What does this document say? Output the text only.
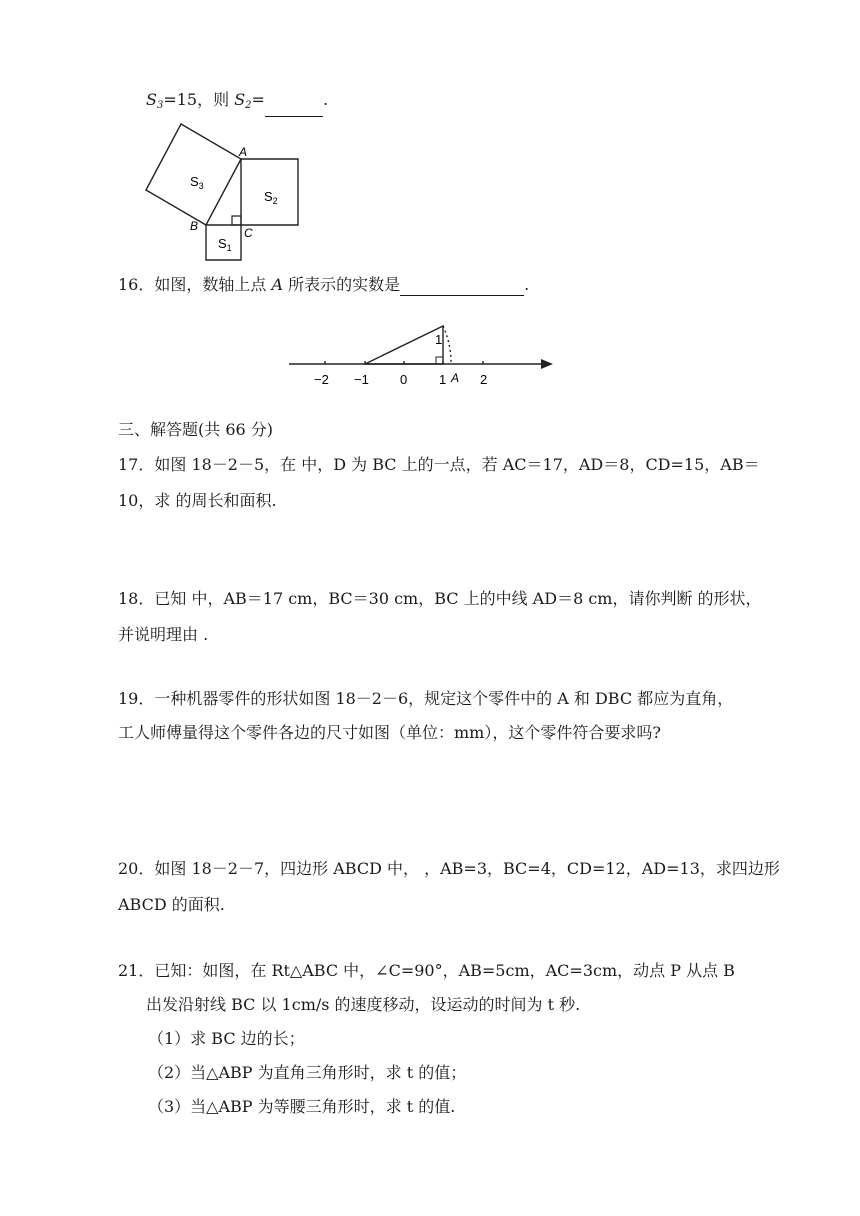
$S_3=15$，则 $S_2=$	.
A
B	C
$S_3$
$S_2$
$S_1$
16．如图，数轴上点 A 所表示的实数是	.
1
−2 −1 0 1 A 2
三、解答题(共 66 分)
17．如图 18－2－5，在 中，D 为 BC 上的一点，若 AC＝17，AD＝8，CD=15，AB＝
10，求 的周长和面积.
18．已知 中，AB＝17 cm，BC＝30 cm，BC 上的中线 AD＝8 cm，请你判断 的形状，
并说明理由 .
19．一种机器零件的形状如图 18－2－6，规定这个零件中的 A 和 DBC 都应为直角，
工人师傅量得这个零件各边的尺寸如图（单位：mm），这个零件符合要求吗?
20．如图 18－2－7，四边形 ABCD 中， ，AB=3，BC=4，CD=12，AD=13，求四边形
ABCD 的面积.
21．已知：如图，在 Rt△ABC 中，∠C=90°，AB=5cm，AC=3cm，动点 P 从点 B
出发沿射线 BC 以 1cm/s 的速度移动，设运动的时间为 t 秒.
（1）求 BC 边的长；
（2）当△ABP 为直角三角形时，求 t 的值；
（3）当△ABP 为等腰三角形时，求 t 的值.
